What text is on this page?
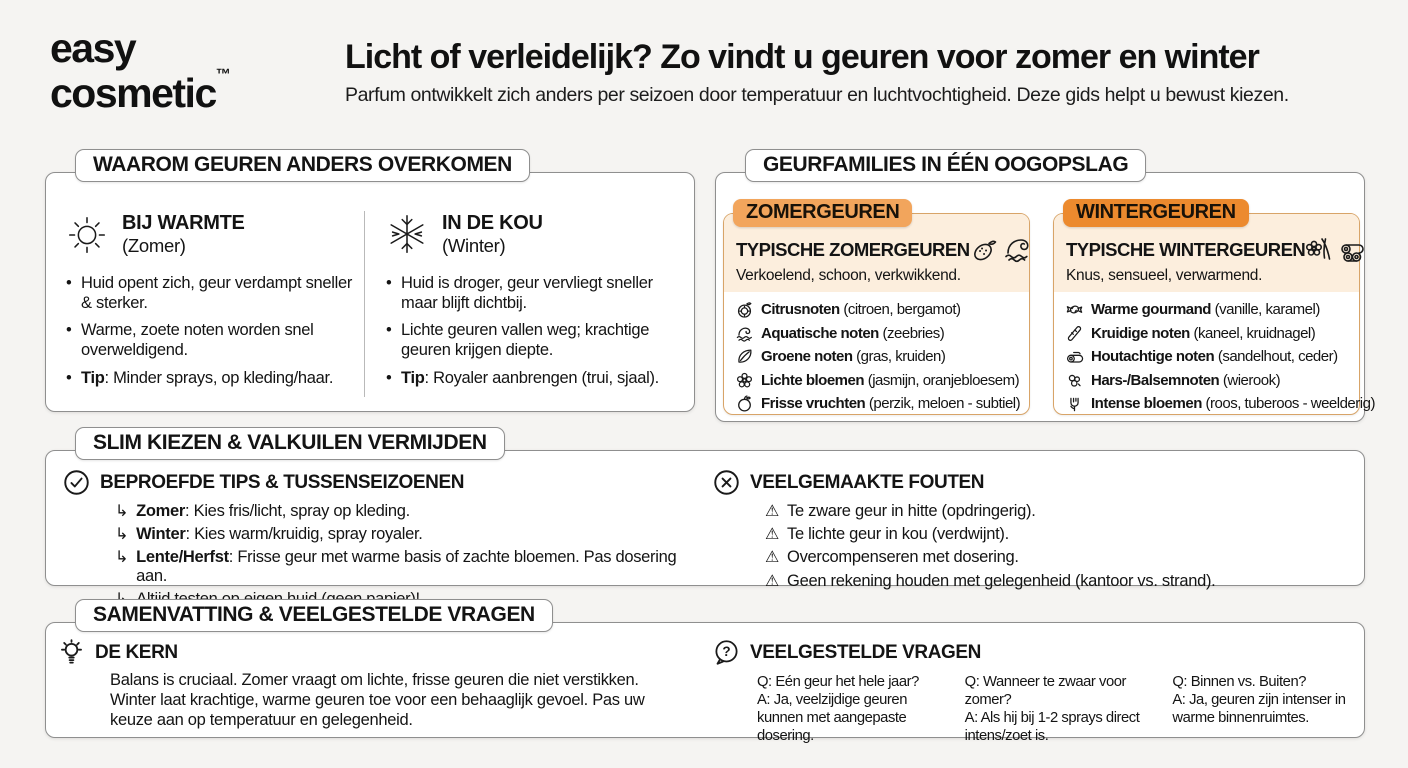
easy
cosmetic™	Licht of verleidelijk? Zo vindt u geuren voor zomer en winter
Parfum ontwikkelt zich anders per seizoen door temperatuur en luchtvochtigheid. Deze gids helpt u bewust kiezen.
WAAROM GEUREN ANDERS OVERKOMEN
BIJ WARMTE
(Zomer)
• Huid opent zich, geur verdampt sneller & sterker.
• Warme, zoete noten worden snel overweldigend.
• Tip: Minder sprays, op kleding/haar.
IN DE KOU
(Winter)
• Huid is droger, geur vervliegt sneller maar blijft dichtbij.
• Lichte geuren vallen weg; krachtige geuren krijgen diepte.
• Tip: Royaler aanbrengen (trui, sjaal).
GEURFAMILIES IN ÉÉN OOGOPSLAG
ZOMERGEUREN
TYPISCHE ZOMERGEUREN
Verkoelend, schoon, verkwikkend.
Citrusnoten (citroen, bergamot)
Aquatische noten (zeebries)
Groene noten (gras, kruiden)
Lichte bloemen (jasmijn, oranjebloesem)
Frisse vruchten (perzik, meloen - subtiel)
WINTERGEUREN
TYPISCHE WINTERGEUREN
Knus, sensueel, verwarmend.
Warme gourmand (vanille, karamel)
Kruidige noten (kaneel, kruidnagel)
Houtachtige noten (sandelhout, ceder)
Hars-/Balsemnoten (wierook)
Intense bloemen (roos, tuberoos - weelderig)
SLIM KIEZEN & VALKUILEN VERMIJDEN
BEPROEFDE TIPS & TUSSENSEIZOENEN
↳ Zomer: Kies fris/licht, spray op kleding.
↳ Winter: Kies warm/kruidig, spray royaler.
↳ Lente/Herfst: Frisse geur met warme basis of zachte bloemen. Pas dosering aan.
VEELGEMAAKTE FOUTEN
⚠ Te zware geur in hitte (opdringerig).
⚠ Te lichte geur in kou (verdwijnt).
⚠ Overcompenseren met dosering.
⚠ Geen rekening houden met gelegenheid (kantoor vs. strand).
SAMENVATTING & VEELGESTELDE VRAGEN
DE KERN
Balans is cruciaal. Zomer vraagt om lichte, frisse geuren die niet verstikken. Winter laat krachtige, warme geuren toe voor een behaaglijk gevoel. Pas uw keuze aan op temperatuur en gelegenheid.
? VEELGESTELDE VRAGEN
Q: Eén geur het hele jaar?
A: Ja, veelzijdige geuren kunnen met aangepaste dosering.
Q: Wanneer te zwaar voor zomer?
A: Als hij bij 1-2 sprays direct intens/zoet is.
Q: Binnen vs. Buiten?
A: Ja, geuren zijn intenser in warme binnenruimtes.
